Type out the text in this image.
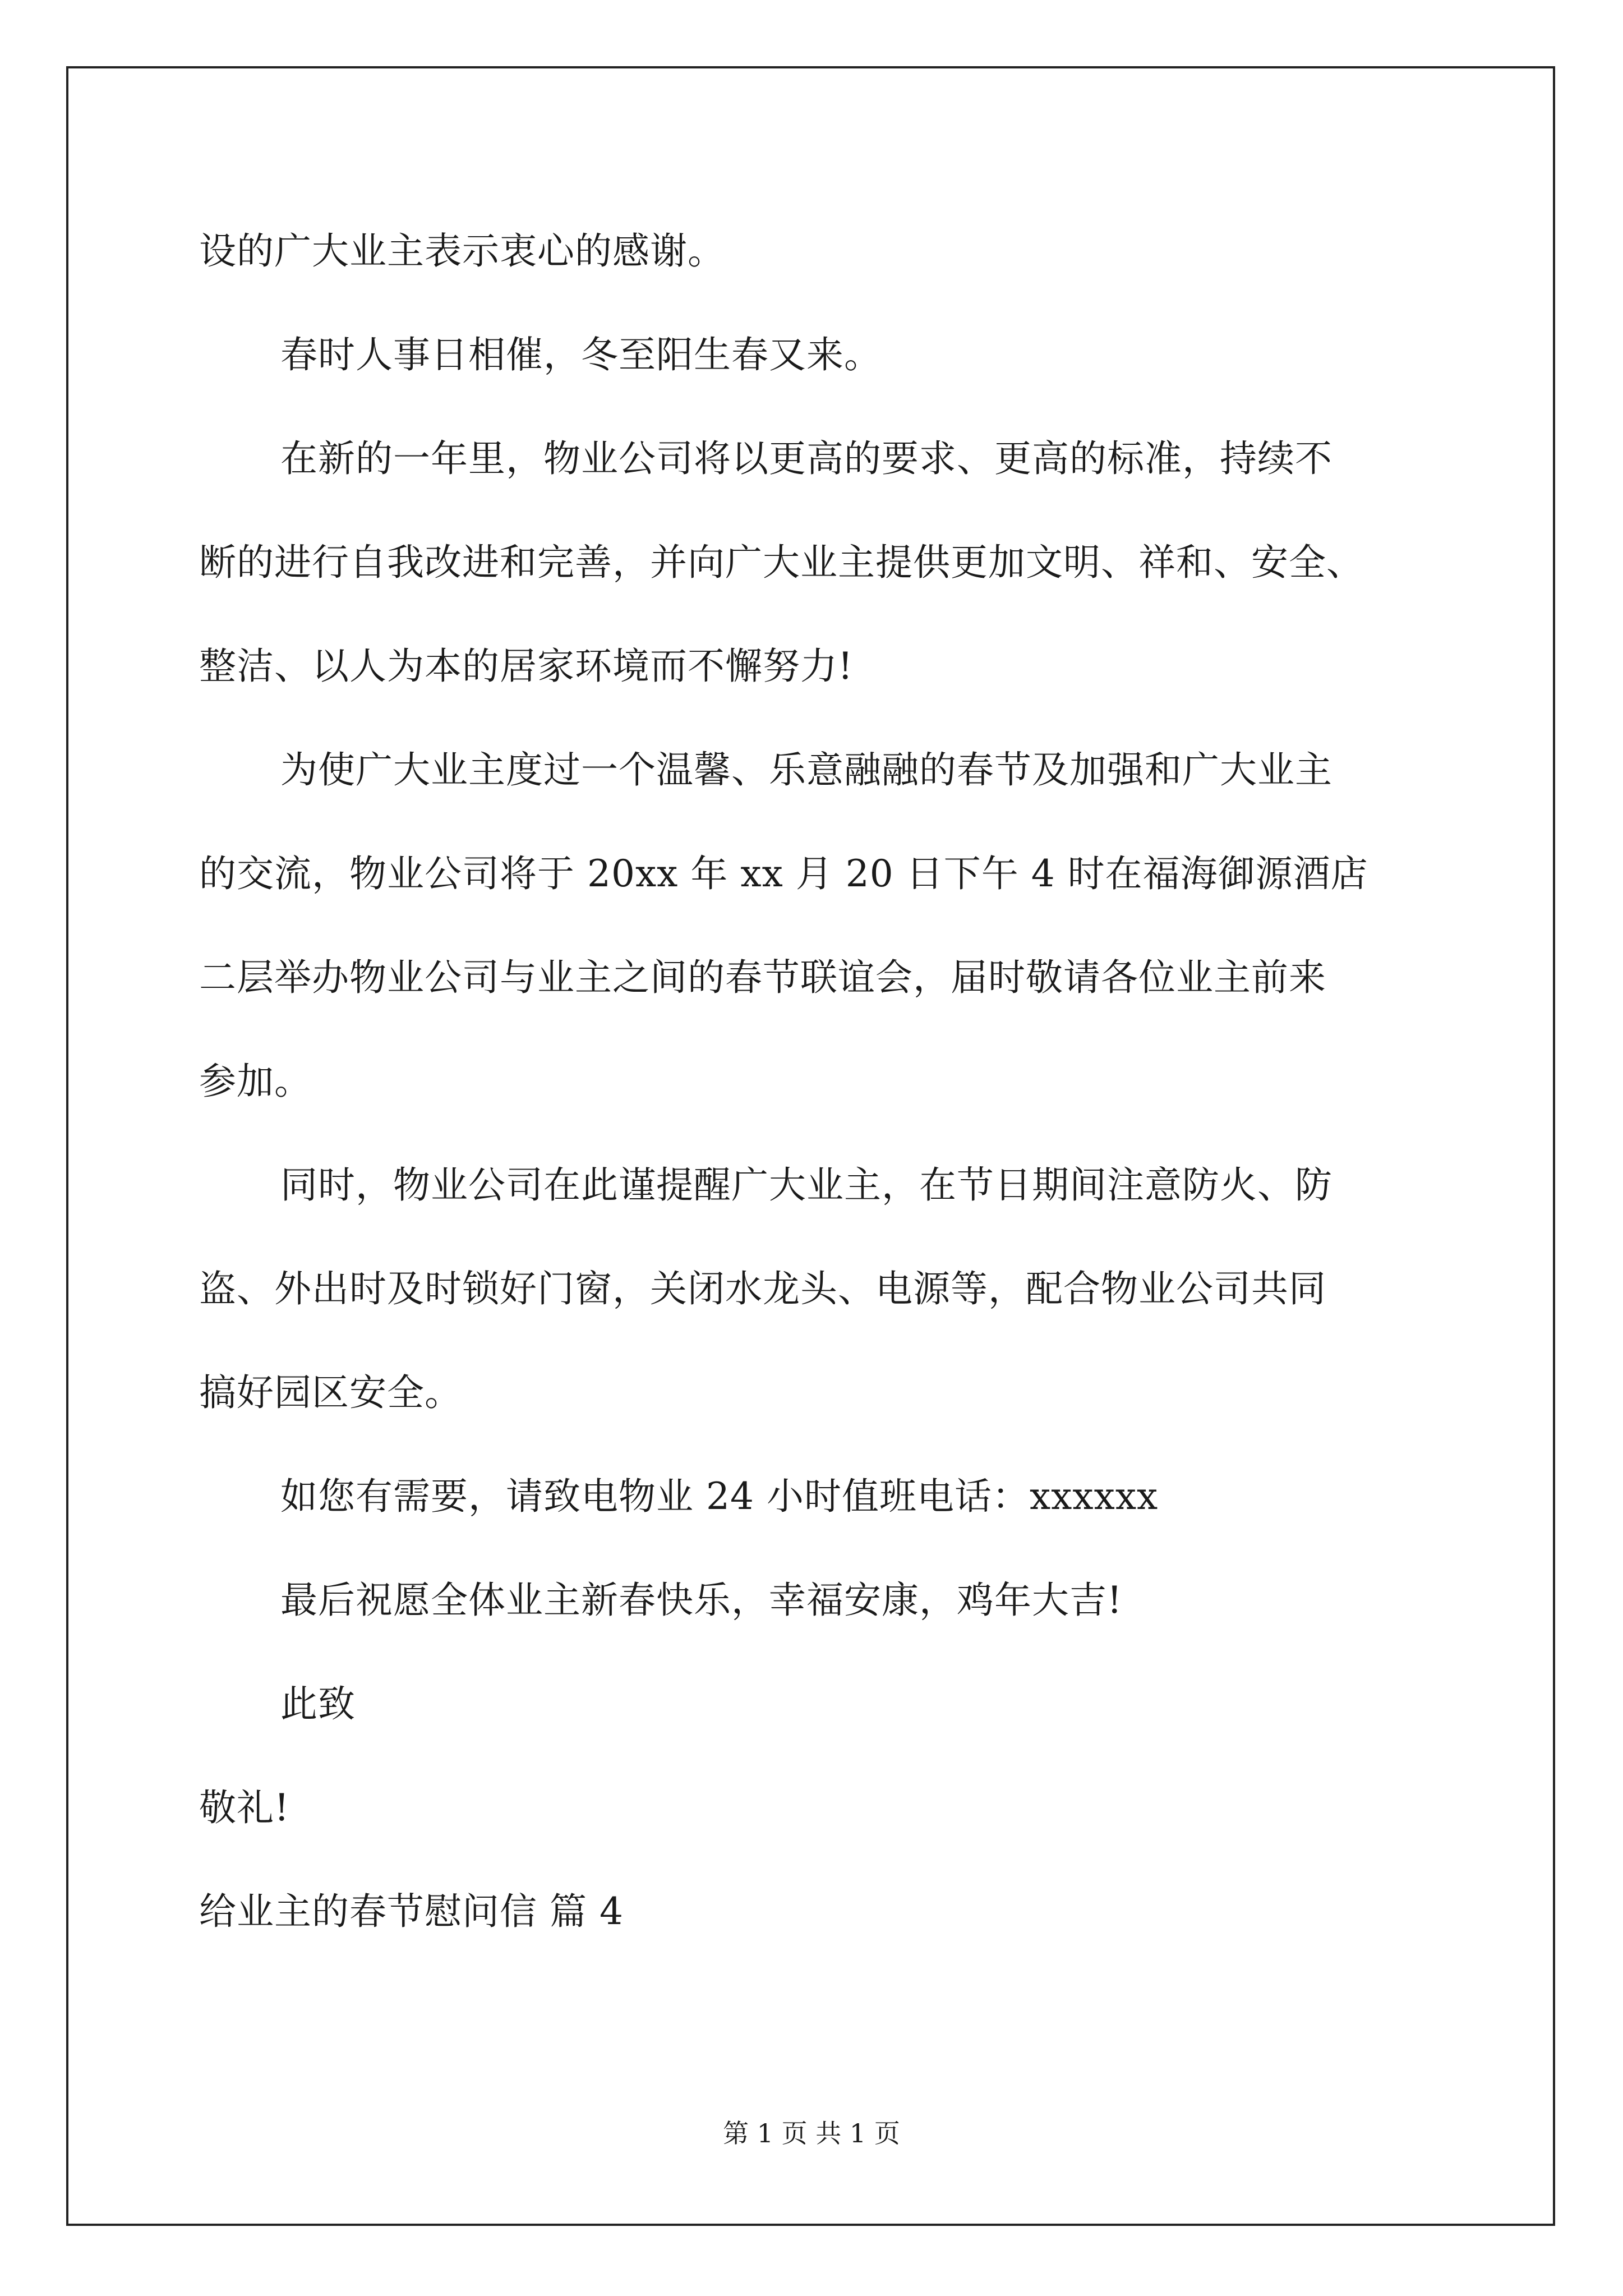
设的广大业主表示衷心的感谢。
春时人事日相催，冬至阳生春又来。
在新的一年里，物业公司将以更高的要求、更高的标准，持续不
断的进行自我改进和完善，并向广大业主提供更加文明、祥和、安全、
整洁、以人为本的居家环境而不懈努力!
为使广大业主度过一个温馨、乐意融融的春节及加强和广大业主
的交流，物业公司将于 20xx 年 xx 月 20 日下午 4 时在福海御源酒店
二层举办物业公司与业主之间的春节联谊会，届时敬请各位业主前来
参加。
同时，物业公司在此谨提醒广大业主，在节日期间注意防火、防
盗、外出时及时锁好门窗，关闭水龙头、电源等，配合物业公司共同
搞好园区安全。
如您有需要，请致电物业 24 小时值班电话：xxxxxx
最后祝愿全体业主新春快乐，幸福安康，鸡年大吉!
此致
敬礼!
给业主的春节慰问信 篇 4
第 1 页 共 1 页
